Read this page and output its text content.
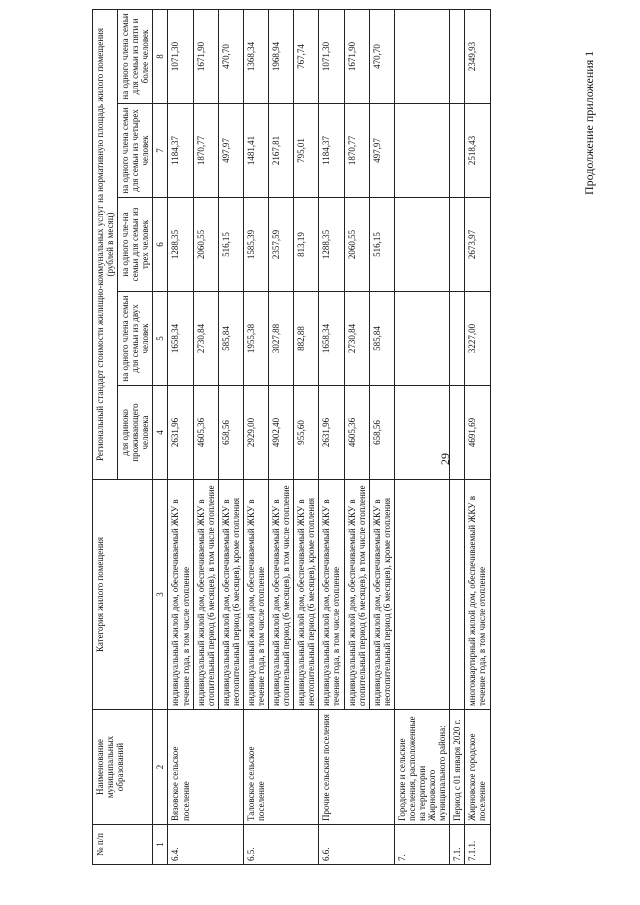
29
Продолжение приложения 1
№ п/п	Наименование муниципальных образований	Категория жилого помещения	Региональный стандарт стоимости жилищно-коммунальных услуг на нормативную площадь жилого помещения (рублей в месяц)				
			для одиноко проживающего человека	на одного члена семьи для семьи из двух человек	на одного чле-на семьи для семьи из трех человек	на одного члена семьи для семьи из четырех человек	на одного члена семьи для семьи из пяти и более человек
1	2	3	4	5	6	7	8
6.4.	Вязовское сельское поселение	индивидуальный жилой дом, обеспечиваемый ЖКУ в течение года, в том числе отопление	2631,96	1658,34	1288,35	1184,37	1071,30
		индивидуальный жилой дом, обеспечиваемый ЖКУ в отопительный период (6 месяцев), в том числе отопление	4605,36	2730,84	2060,55	1870,77	1671,90
		индивидуальный жилой дом, обеспечиваемый ЖКУ в неотопительный период (6 месяцев), кроме отопления	658,56	585,84	516,15	497,97	470,70
6.5.	Таловское сельское поселение	индивидуальный жилой дом, обеспечиваемый ЖКУ в течение года, в том числе отопление	2929,00	1955,38	1585,39	1481,41	1368,34
		индивидуальный жилой дом, обеспечиваемый ЖКУ в отопительный период (6 месяцев), в том числе отопление	4902,40	3027,88	2357,59	2167,81	1968,94
		индивидуальный жилой дом, обеспечиваемый ЖКУ в неотопительный период (6 месяцев), кроме отопления	955,60	882,88	813,19	795,01	767,74
6.6.	Прочие сельские поселения	индивидуальный жилой дом, обеспечиваемый ЖКУ в течение года, в том числе отопление	2631,96	1658,34	1288,35	1184,37	1071,30
		индивидуальный жилой дом, обеспечиваемый ЖКУ в отопительный период (6 месяцев), в том числе отопление	4605,36	2730,84	2060,55	1870,77	1671,90
		индивидуальный жилой дом, обеспечиваемый ЖКУ в неотопительный период (6 месяцев), кроме отопления	658,56	585,84	516,15	497,97	470,70
7.	Городские и сельские поселения, расположенные на территории Жирновского муниципального района:						
7.1.	Период с 01 января 2020 г.						
7.1.1.	Жирновское городское поселение	многоквартирный жилой дом, обеспечиваемый ЖКУ в течение года, в том числе отопление	4691,69	3227,00	2673,97	2518,43	2349,93
